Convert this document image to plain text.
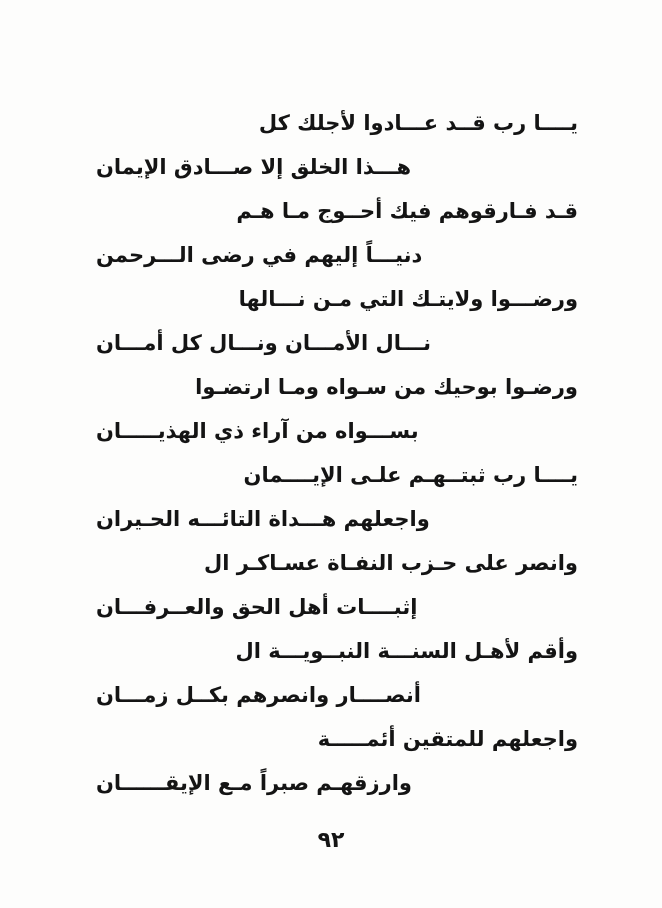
يــــا رب قــد عـــادوا لأجلك كل
هـــذا الخلق إلا صـــادق الإيمان
قـد فـارقوهم فيك أحــوج مـا هـم
دنيـــاً إليهم في رضى الـــرحمن
ورضـــوا ولايتـك التي مـن نـــالها
نـــال الأمـــان ونـــال كل أمـــان
ورضـوا بوحيك من سـواه ومـا ارتضـوا
بســـواه من آراء ذي الهذيـــــان
يــــا رب ثبتــهـم علـى الإيــــمان
واجعلهم هـــداة التائـــه الحـيران
وانصر على حـزب النفـاة عسـاكـر ال
إثبــــات أهل الحق والعــرفـــان
وأقم لأهـل السنـــة النبــويـــة ال
أنصــــار وانصرهم بكــل زمـــان
واجعلهم للمتقين أئمـــــة
وارزقهـم صبراً مـع الإيقــــــان
٩٢
